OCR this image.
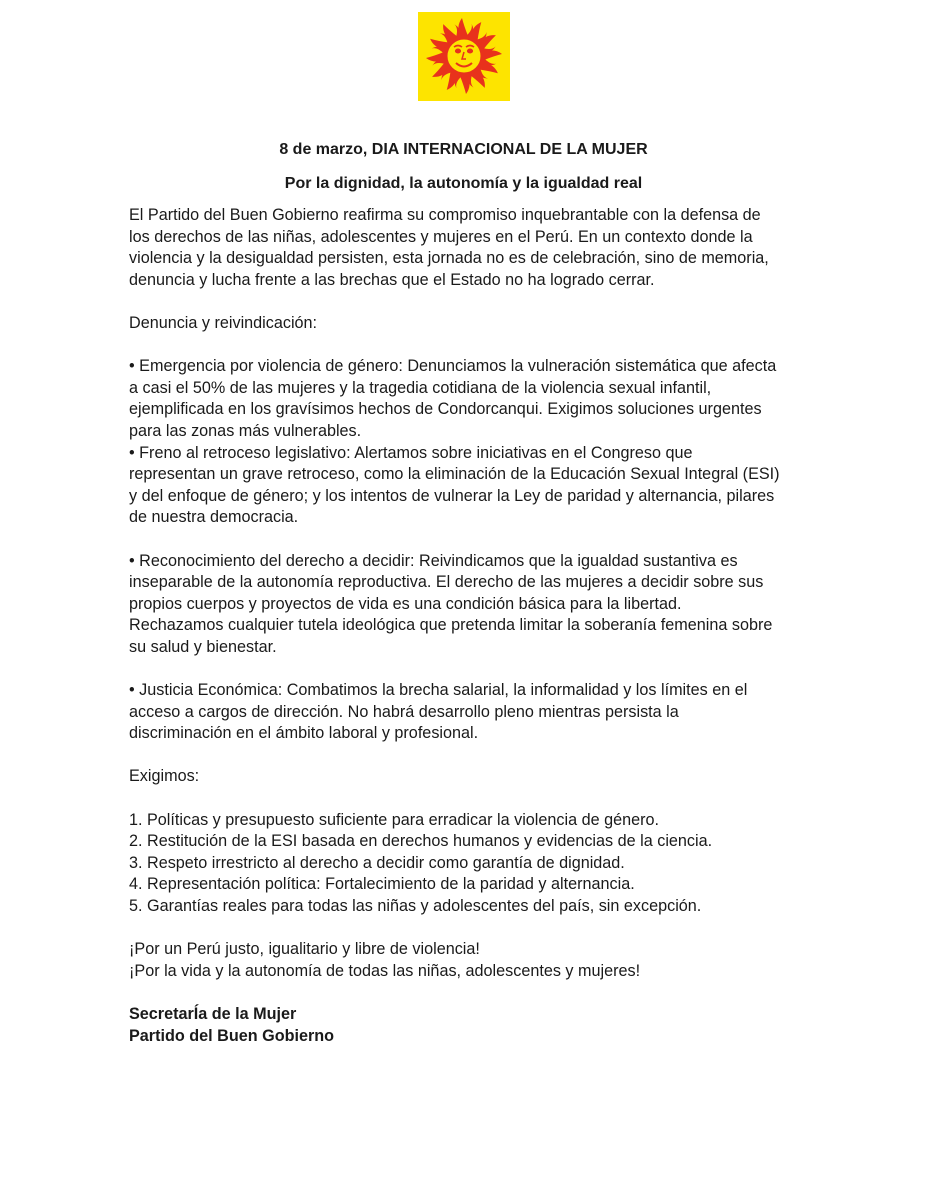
8 de marzo, DIA INTERNACIONAL DE LA MUJER
Por la dignidad, la autonomía y la igualdad real

El Partido del Buen Gobierno reafirma su compromiso inquebrantable con la defensa de

los derechos de las niñas, adolescentes y mujeres en el Perú. En un contexto donde la

violencia y la desigualdad persisten, esta jornada no es de celebración, sino de memoria,

denuncia y lucha frente a las brechas que el Estado no ha logrado cerrar.

Denuncia y reivindicación:

• Emergencia por violencia de género: Denunciamos la vulneración sistemática que afecta

a casi el 50% de las mujeres y la tragedia cotidiana de la violencia sexual infantil,

ejemplificada en los gravísimos hechos de Condorcanqui. Exigimos soluciones urgentes

para las zonas más vulnerables.

• Freno al retroceso legislativo: Alertamos sobre iniciativas en el Congreso que

representan un grave retroceso, como la eliminación de la Educación Sexual Integral (ESI)

y del enfoque de género; y los intentos de vulnerar la Ley de paridad y alternancia, pilares

de nuestra democracia.

• Reconocimiento del derecho a decidir: Reivindicamos que la igualdad sustantiva es

inseparable de la autonomía reproductiva. El derecho de las mujeres a decidir sobre sus

propios cuerpos y proyectos de vida es una condición básica para la libertad.

Rechazamos cualquier tutela ideológica que pretenda limitar la soberanía femenina sobre

su salud y bienestar.

• Justicia Económica: Combatimos la brecha salarial, la informalidad y los límites en el

acceso a cargos de dirección. No habrá desarrollo pleno mientras persista la

discriminación en el ámbito laboral y profesional.

Exigimos:

1. Políticas y presupuesto suficiente para erradicar la violencia de género.

2. Restitución de la ESI basada en derechos humanos y evidencias de la ciencia.

3. Respeto irrestricto al derecho a decidir como garantía de dignidad.

4. Representación política: Fortalecimiento de la paridad y alternancia.

5. Garantías reales para todas las niñas y adolescentes del país, sin excepción.

¡Por un Perú justo, igualitario y libre de violencia!

¡Por la vida y la autonomía de todas las niñas, adolescentes y mujeres!

SecretarÍa de la Mujer

Partido del Buen Gobierno
